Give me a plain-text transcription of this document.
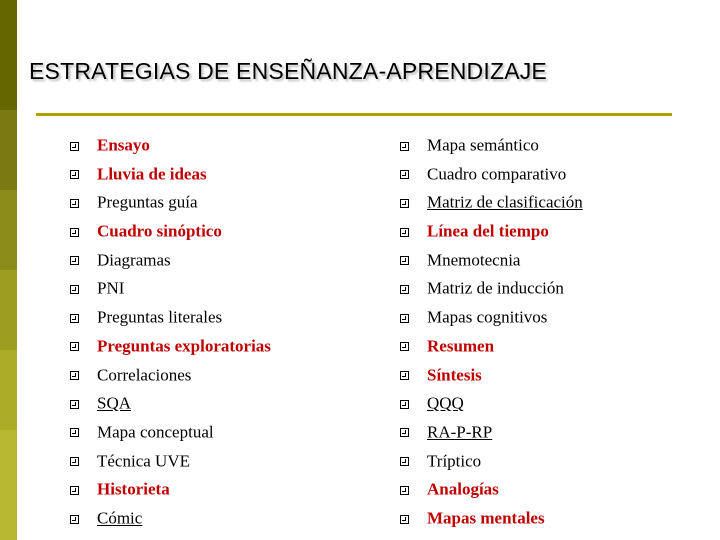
ESTRATEGIAS DE ENSEÑANZA-APRENDIZAJE
Ensayo
Lluvia de ideas
Preguntas guía
Cuadro sinóptico
Diagramas
PNI
Preguntas literales
Preguntas exploratorias
Correlaciones
SQA
Mapa conceptual
Técnica UVE
Historieta
Cómic
Mapa semántico
Cuadro comparativo
Matriz de clasificación
Línea del tiempo
Mnemotecnia
Matriz de inducción
Mapas cognitivos
Resumen
Síntesis
QQQ
RA-P-RP
Tríptico
Analogías
Mapas mentales
